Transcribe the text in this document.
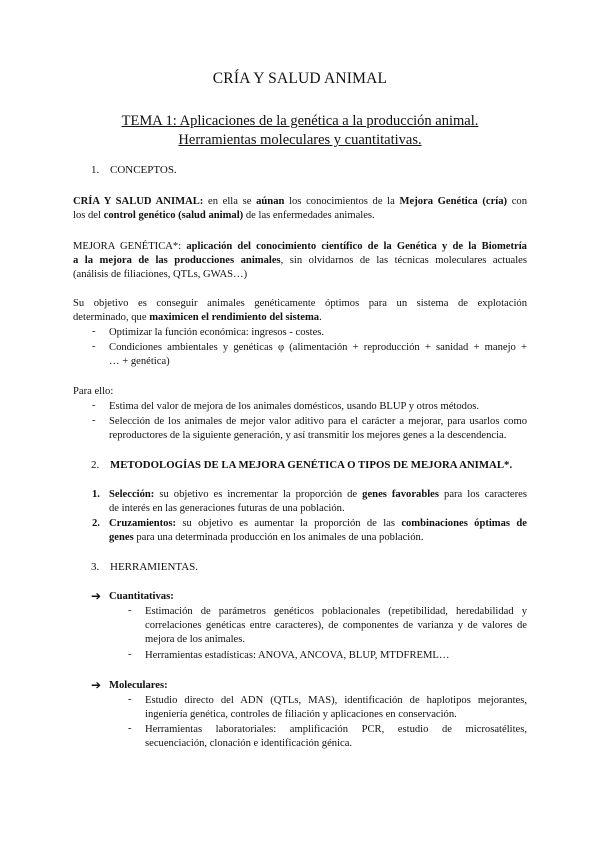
CRÍA Y SALUD ANIMAL
TEMA 1: Aplicaciones de la genética a la producción animal.
Herramientas moleculares y cuantitativas.
1. CONCEPTOS.
CRÍA Y SALUD ANIMAL: en ella se aúnan los conocimientos de la Mejora Genética (cría) con
los del control genético (salud animal) de las enfermedades animales.
MEJORA GENÉTICA*: aplicación del conocimiento científico de la Genética y de la Biometría
a la mejora de las producciones animales, sin olvidarnos de las técnicas moleculares actuales
(análisis de filiaciones, QTLs, GWAS…)
Su objetivo es conseguir animales genéticamente óptimos para un sistema de explotación
determinado, que maximicen el rendimiento del sistema.
- Optimizar la función económica: ingresos - costes.
- Condiciones ambientales y genéticas φ (alimentación + reproducción + sanidad + manejo +
… + genética)
Para ello:
- Estima del valor de mejora de los animales domésticos, usando BLUP y otros métodos.
- Selección de los animales de mejor valor aditivo para el carácter a mejorar, para usarlos como
reproductores de la siguiente generación, y así transmitir los mejores genes a la descendencia.
2. METODOLOGÍAS DE LA MEJORA GENÉTICA O TIPOS DE MEJORA ANIMAL*.
1. Selección: su objetivo es incrementar la proporción de genes favorables para los caracteres
de interés en las generaciones futuras de una población.
2. Cruzamientos: su objetivo es aumentar la proporción de las combinaciones óptimas de
genes para una determinada producción en los animales de una población.
3. HERRAMIENTAS.
➔ Cuantitativas:
- Estimación de parámetros genéticos poblacionales (repetibilidad, heredabilidad y
correlaciones genéticas entre caracteres), de componentes de varianza y de valores de
mejora de los animales.
- Herramientas estadísticas: ANOVA, ANCOVA, BLUP, MTDFREML…
➔ Moleculares:
- Estudio directo del ADN (QTLs, MAS), identificación de haplotipos mejorantes,
ingeniería genética, controles de filiación y aplicaciones en conservación.
- Herramientas laboratoriales: amplificación PCR, estudio de microsatélites,
secuenciación, clonación e identificación génica.
